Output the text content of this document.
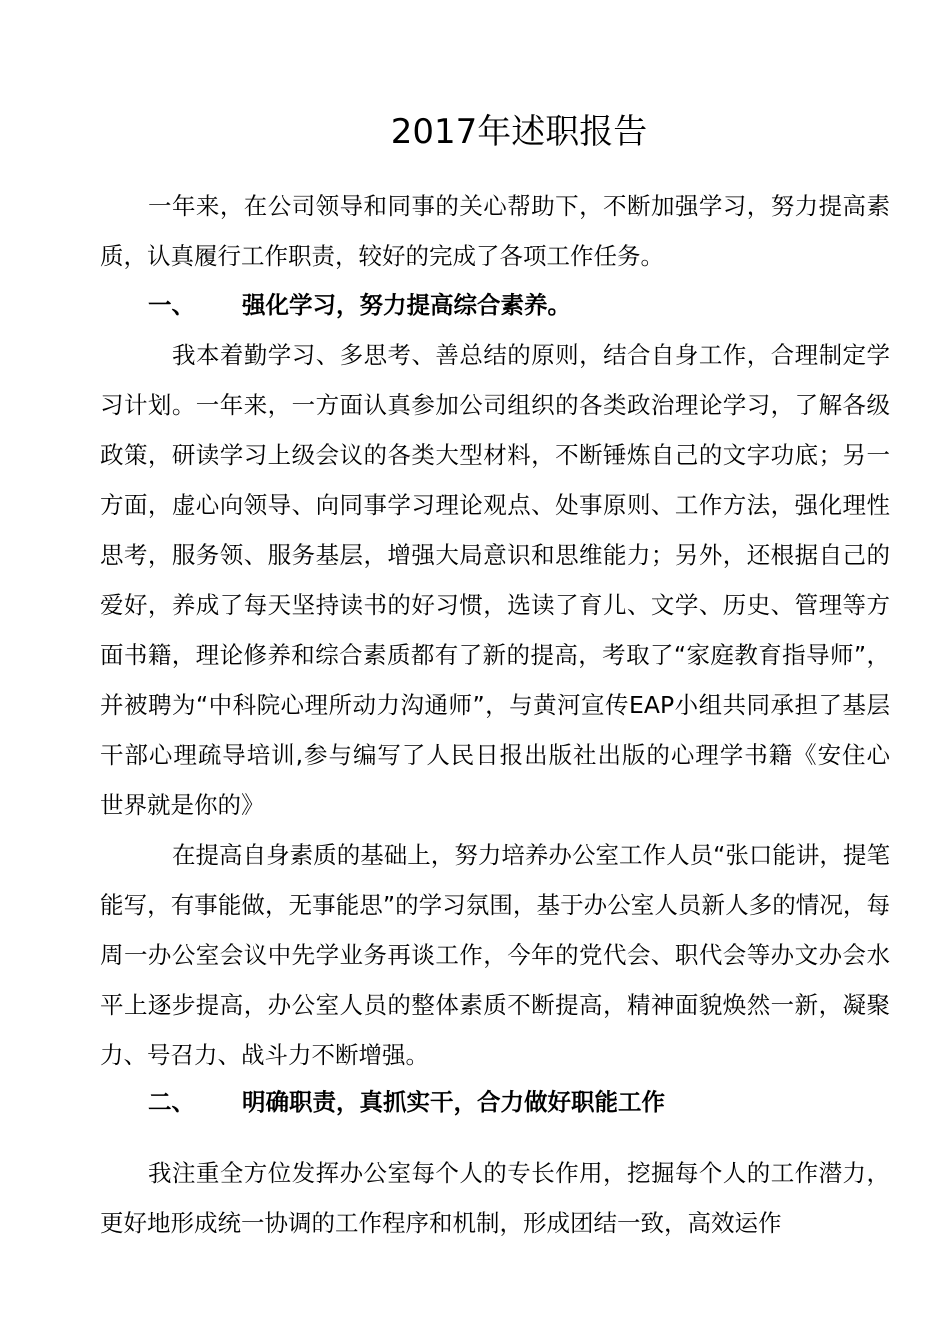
2017年述职报告

一年来，在公司领导和同事的关心帮助下，不断加强学习，努力提高素质，认真履行工作职责，较好的完成了各项工作任务。

一、 强化学习，努力提高综合素养。

我本着勤学习、多思考、善总结的原则，结合自身工作，合理制定学习计划。一年来，一方面认真参加公司组织的各类政治理论学习，了解各级政策，研读学习上级会议的各类大型材料，不断锤炼自己的文字功底；另一方面，虚心向领导、向同事学习理论观点、处事原则、工作方法，强化理性思考，服务领、服务基层，增强大局意识和思维能力；另外，还根据自己的爱好，养成了每天坚持读书的好习惯，选读了育儿、文学、历史、管理等方面书籍，理论修养和综合素质都有了新的提高，考取了“家庭教育指导师”，并被聘为“中科院心理所动力沟通师”，与黄河宣传EAP小组共同承担了基层干部心理疏导培训,参与编写了人民日报出版社出版的心理学书籍《安住心 世界就是你的》

在提高自身素质的基础上，努力培养办公室工作人员“张口能讲，提笔能写，有事能做，无事能思”的学习氛围，基于办公室人员新人多的情况，每周一办公室会议中先学业务再谈工作，今年的党代会、职代会等办文办会水平上逐步提高，办公室人员的整体素质不断提高，精神面貌焕然一新，凝聚力、号召力、战斗力不断增强。

二、 明确职责，真抓实干，合力做好职能工作

我注重全方位发挥办公室每个人的专长作用，挖掘每个人的工作潜力，更好地形成统一协调的工作程序和机制，形成团结一致，高效运作
